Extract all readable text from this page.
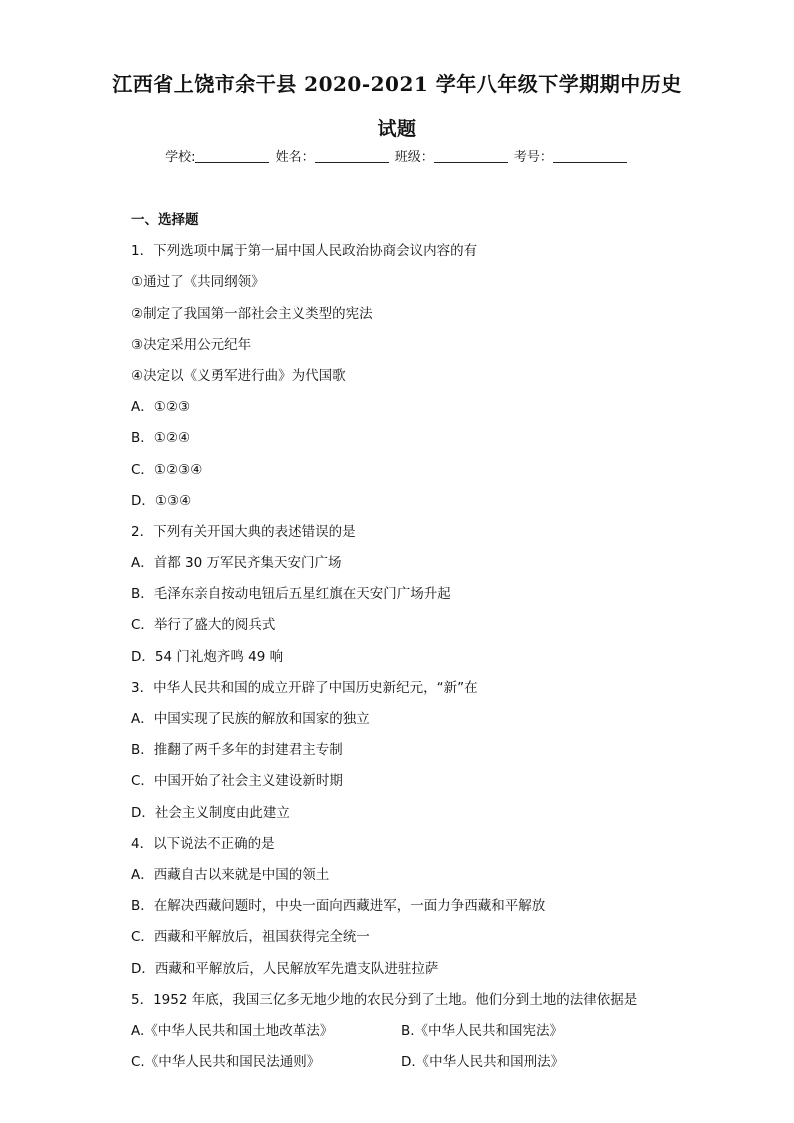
江西省上饶市余干县 2020-2021 学年八年级下学期期中历史
试题
学校:	姓名：	班级：	考号：
一、选择题
1．下列选项中属于第一届中国人民政治协商会议内容的有
①通过了《共同纲领》
②制定了我国第一部社会主义类型的宪法
③决定采用公元纪年
④决定以《义勇军进行曲》为代国歌
A．①②③
B．①②④
C．①②③④
D．①③④
2．下列有关开国大典的表述错误的是
A．首都 30 万军民齐集天安门广场
B．毛泽东亲自按动电钮后五星红旗在天安门广场升起
C．举行了盛大的阅兵式
D．54 门礼炮齐鸣 49 响
3．中华人民共和国的成立开辟了中国历史新纪元，“新”在
A．中国实现了民族的解放和国家的独立
B．推翻了两千多年的封建君主专制
C．中国开始了社会主义建设新时期
D．社会主义制度由此建立
4．以下说法不正确的是
A．西藏自古以来就是中国的领土
B．在解决西藏问题时，中央一面向西藏进军，一面力争西藏和平解放
C．西藏和平解放后，祖国获得完全统一
D．西藏和平解放后，人民解放军先遣支队进驻拉萨
5．1952 年底，我国三亿多无地少地的农民分到了土地。他们分到土地的法律依据是
A.《中华人民共和国土地改革法》	B.《中华人民共和国宪法》
C.《中华人民共和国民法通则》	D.《中华人民共和国刑法》
